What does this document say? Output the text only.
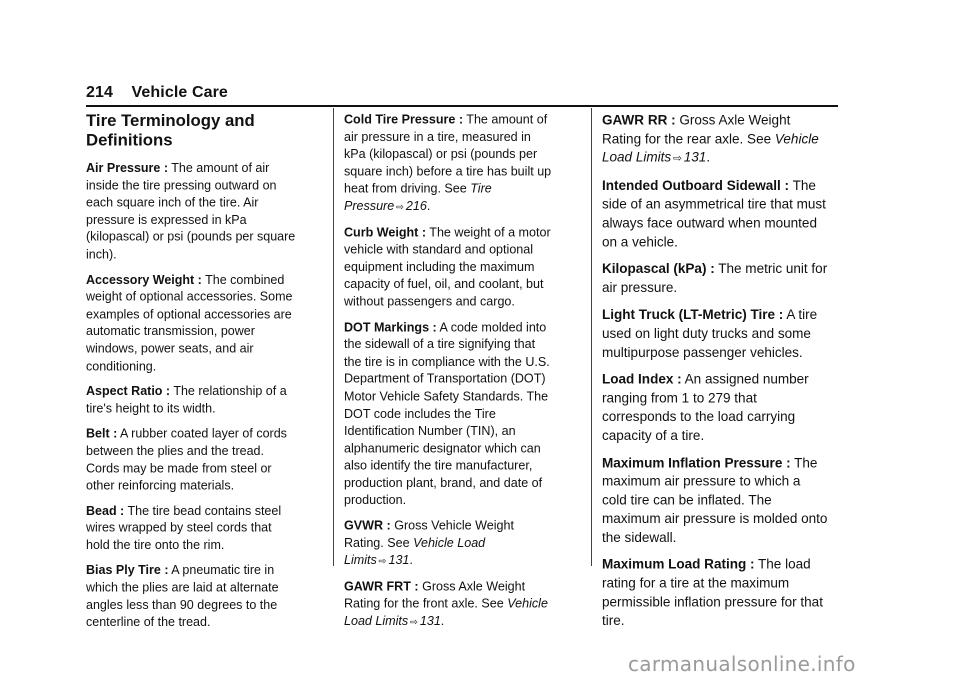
214 Vehicle Care
Tire Terminology and Definitions
Air Pressure : The amount of air inside the tire pressing outward on each square inch of the tire. Air pressure is expressed in kPa (kilopascal) or psi (pounds per square inch).
Accessory Weight : The combined weight of optional accessories. Some examples of optional accessories are automatic transmission, power windows, power seats, and air conditioning.
Aspect Ratio : The relationship of a tire's height to its width.
Belt : A rubber coated layer of cords between the plies and the tread. Cords may be made from steel or other reinforcing materials.
Bead : The tire bead contains steel wires wrapped by steel cords that hold the tire onto the rim.
Bias Ply Tire : A pneumatic tire in which the plies are laid at alternate angles less than 90 degrees to the centerline of the tread.
Cold Tire Pressure : The amount of air pressure in a tire, measured in kPa (kilopascal) or psi (pounds per square inch) before a tire has built up heat from driving. See Tire Pressure ⇨ 216.
Curb Weight : The weight of a motor vehicle with standard and optional equipment including the maximum capacity of fuel, oil, and coolant, but without passengers and cargo.
DOT Markings : A code molded into the sidewall of a tire signifying that the tire is in compliance with the U.S. Department of Transportation (DOT) Motor Vehicle Safety Standards. The DOT code includes the Tire Identification Number (TIN), an alphanumeric designator which can also identify the tire manufacturer, production plant, brand, and date of production.
GVWR : Gross Vehicle Weight Rating. See Vehicle Load Limits ⇨ 131.
GAWR FRT : Gross Axle Weight Rating for the front axle. See Vehicle Load Limits ⇨ 131.
GAWR RR : Gross Axle Weight Rating for the rear axle. See Vehicle Load Limits ⇨ 131.
Intended Outboard Sidewall : The side of an asymmetrical tire that must always face outward when mounted on a vehicle.
Kilopascal (kPa) : The metric unit for air pressure.
Light Truck (LT-Metric) Tire : A tire used on light duty trucks and some multipurpose passenger vehicles.
Load Index : An assigned number ranging from 1 to 279 that corresponds to the load carrying capacity of a tire.
Maximum Inflation Pressure : The maximum air pressure to which a cold tire can be inflated. The maximum air pressure is molded onto the sidewall.
Maximum Load Rating : The load rating for a tire at the maximum permissible inflation pressure for that tire.
carmanualsonline.info
